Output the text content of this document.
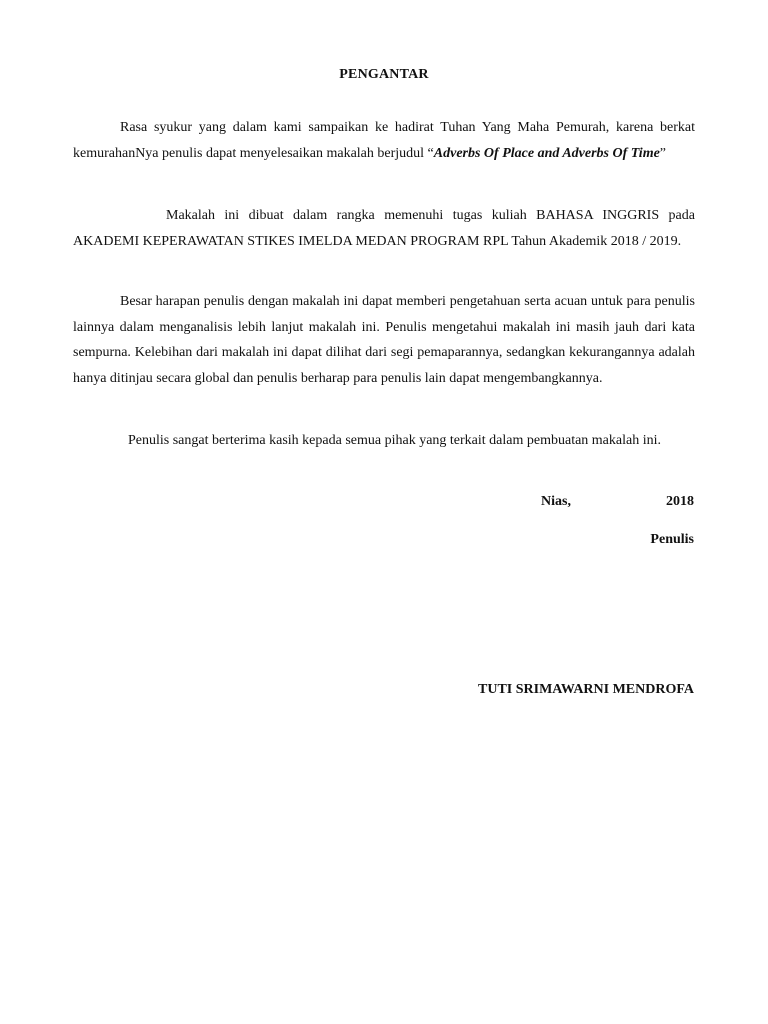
PENGANTAR

Rasa syukur yang dalam kami sampaikan ke hadirat Tuhan Yang Maha Pemurah, karena berkat kemurahanNya penulis dapat menyelesaikan makalah berjudul “Adverbs Of Place and Adverbs Of Time”

Makalah ini dibuat dalam rangka memenuhi tugas kuliah BAHASA INGGRIS pada AKADEMI KEPERAWATAN STIKES IMELDA MEDAN PROGRAM RPL Tahun Akademik 2018 / 2019.

Besar harapan penulis dengan makalah ini dapat memberi pengetahuan serta acuan untuk para penulis lainnya dalam menganalisis lebih lanjut makalah ini. Penulis mengetahui makalah ini masih jauh dari kata sempurna. Kelebihan dari makalah ini dapat dilihat dari segi pemaparannya, sedangkan kekurangannya adalah hanya ditinjau secara global dan penulis berharap para penulis lain dapat mengembangkannya.

Penulis sangat berterima kasih kepada semua pihak yang terkait dalam pembuatan makalah ini.

Nias,	2018
Penulis
TUTI SRIMAWARNI MENDROFA
